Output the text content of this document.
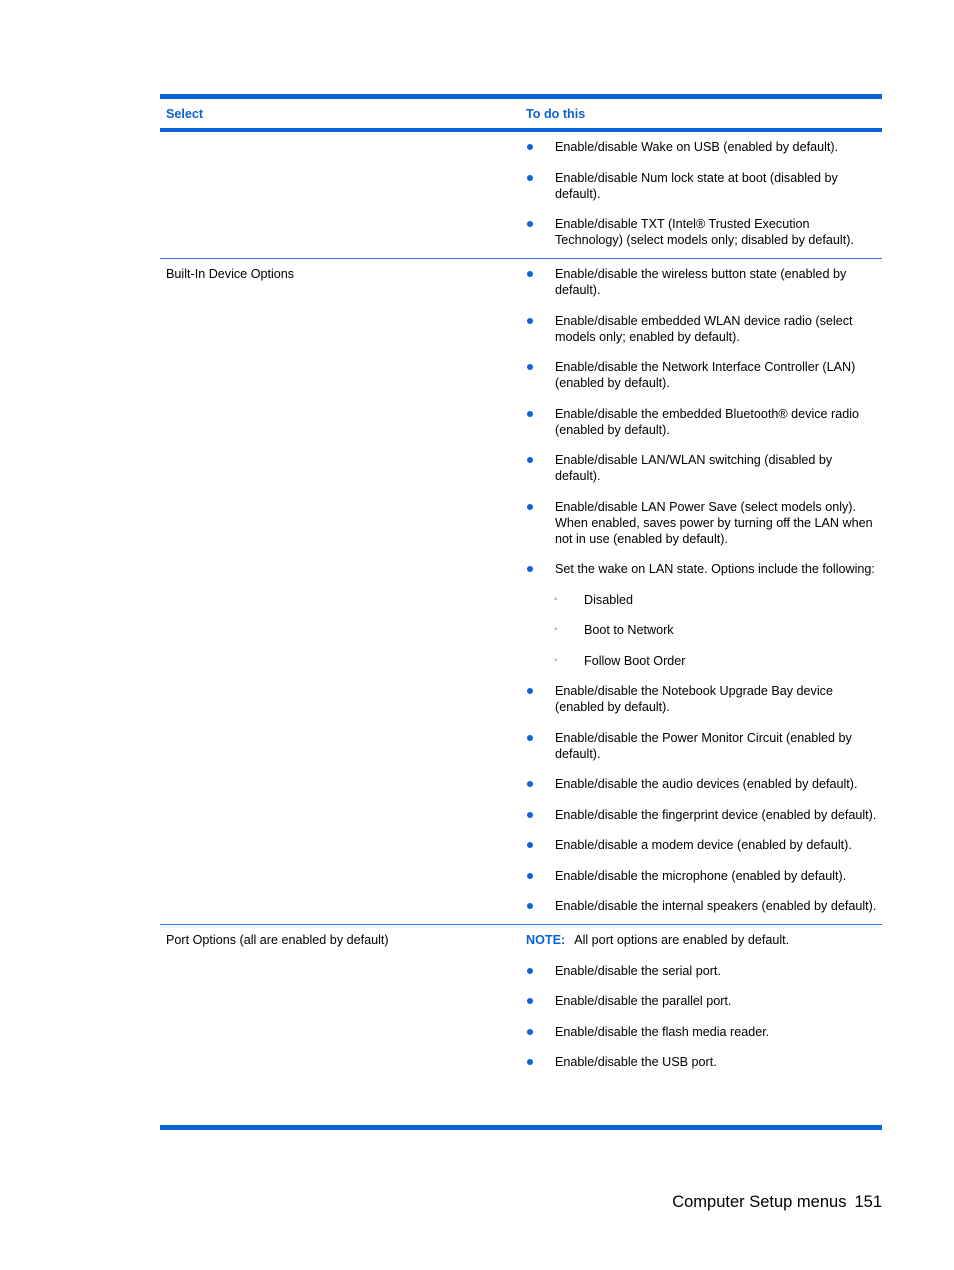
Select	To do this
Enable/disable Wake on USB (enabled by default).
Enable/disable Num lock state at boot (disabled by default).
Enable/disable TXT (Intel® Trusted Execution Technology) (select models only; disabled by default).
Built-In Device Options	Enable/disable the wireless button state (enabled by default).
Enable/disable embedded WLAN device radio (select models only; enabled by default).
Enable/disable the Network Interface Controller (LAN) (enabled by default).
Enable/disable the embedded Bluetooth® device radio (enabled by default).
Enable/disable LAN/WLAN switching (disabled by default).
Enable/disable LAN Power Save (select models only). When enabled, saves power by turning off the LAN when not in use (enabled by default).
Set the wake on LAN state. Options include the following:
◦ Disabled
◦ Boot to Network
◦ Follow Boot Order
Enable/disable the Notebook Upgrade Bay device (enabled by default).
Enable/disable the Power Monitor Circuit (enabled by default).
Enable/disable the audio devices (enabled by default).
Enable/disable the fingerprint device (enabled by default).
Enable/disable a modem device (enabled by default).
Enable/disable the microphone (enabled by default).
Enable/disable the internal speakers (enabled by default).
Port Options (all are enabled by default)	NOTE: All port options are enabled by default.
Enable/disable the serial port.
Enable/disable the parallel port.
Enable/disable the flash media reader.
Enable/disable the USB port.
Computer Setup menus 151
